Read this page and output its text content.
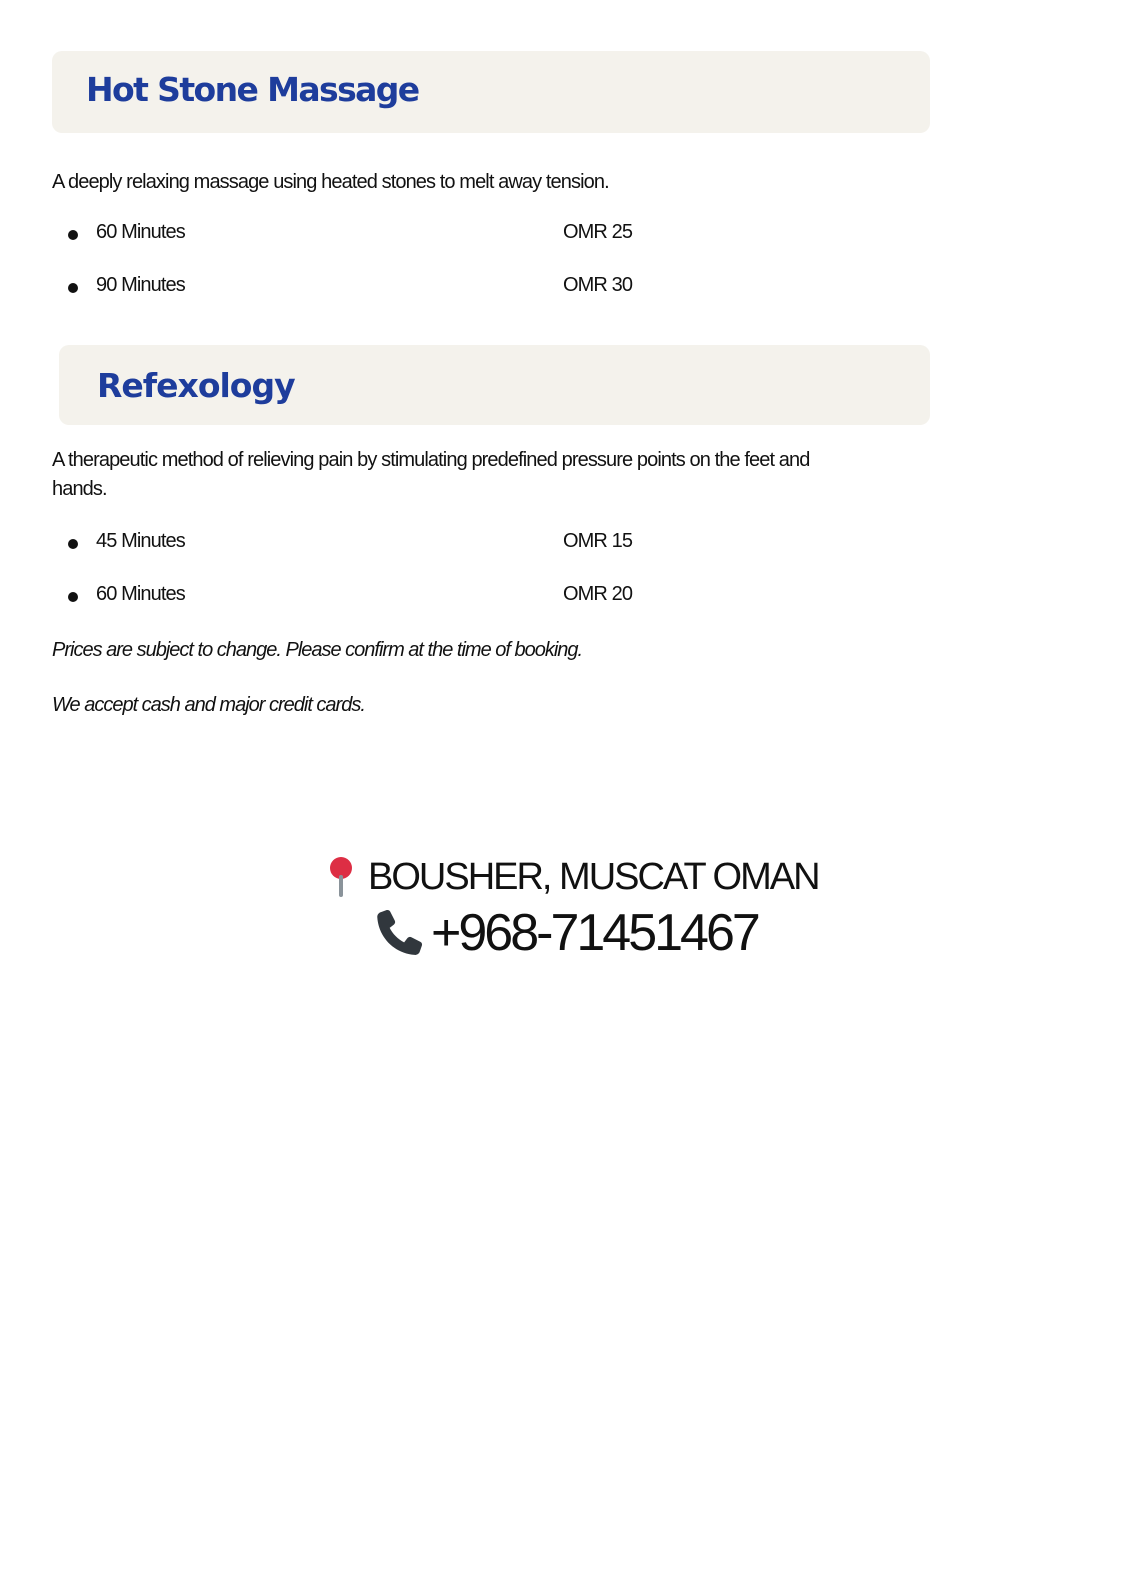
Hot Stone Massage

A deeply relaxing massage using heated stones to melt away tension.

60 Minutes	OMR 25
90 Minutes	OMR 30
Refexology

A therapeutic method of relieving pain by stimulating predefined pressure points on the feet and hands.

45 Minutes	OMR 15
60 Minutes	OMR 20

Prices are subject to change. Please confirm at the time of booking.

We accept cash and major credit cards.

BOUSHER, MUSCAT OMAN
+968-71451467
